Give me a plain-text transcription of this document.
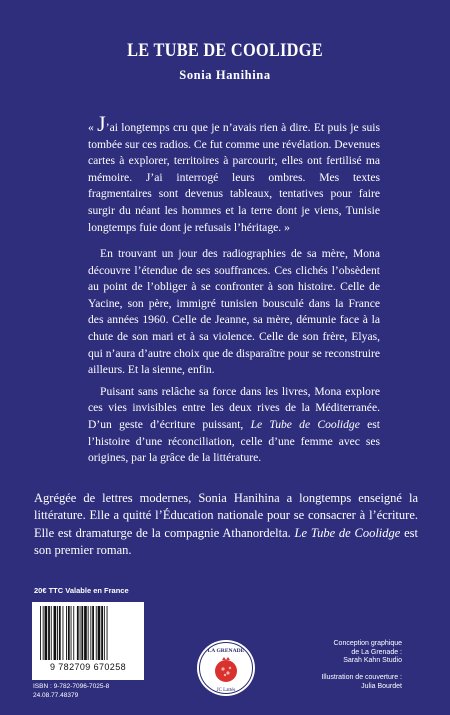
LE TUBE DE COOLIDGE
Sonia Hanihina
« J’ai longtemps cru que je n’avais rien à dire. Et puis je suis tombée sur ces radios. Ce fut comme une révélation. Devenues cartes à explorer, territoires à parcourir, elles ont fertilisé ma mémoire. J’ai interrogé leurs ombres. Mes textes fragmentaires sont devenus tableaux, tentatives pour faire surgir du néant les hommes et la terre dont je viens, Tunisie longtemps fuie dont je refusais l’héritage. »

En trouvant un jour des radiographies de sa mère, Mona découvre l’étendue de ses souffrances. Ces clichés l’obsèdent au point de l’obliger à se confronter à son histoire. Celle de Yacine, son père, immigré tunisien bousculé dans la France des années 1960. Celle de Jeanne, sa mère, démunie face à la chute de son mari et à sa violence. Celle de son frère, Elyas, qui n’aura d’autre choix que de disparaître pour se reconstruire ailleurs. Et la sienne, enfin.

Puisant sans relâche sa force dans les livres, Mona explore ces vies invisibles entre les deux rives de la Méditerranée. D’un geste d’écriture puissant, Le Tube de Coolidge est l’histoire d’une réconciliation, celle d’une femme avec ses origines, par la grâce de la littérature.

Agrégée de lettres modernes, Sonia Hanihina a longtemps enseigné la littérature. Elle a quitté l’Éducation nationale pour se consacrer à l’écriture. Elle est dramaturge de la compagnie Athanordelta. Le Tube de Coolidge est son premier roman.
20€ TTC Valable en France
9 782709 670258
ISBN : 9-782-7096-7025-8
24.08.77.48379
LA GRENADE
JC Lattès
Conception graphique
de La Grenade :
Sarah Kahn Studio
Illustration de couverture :
Julia Bourdet
